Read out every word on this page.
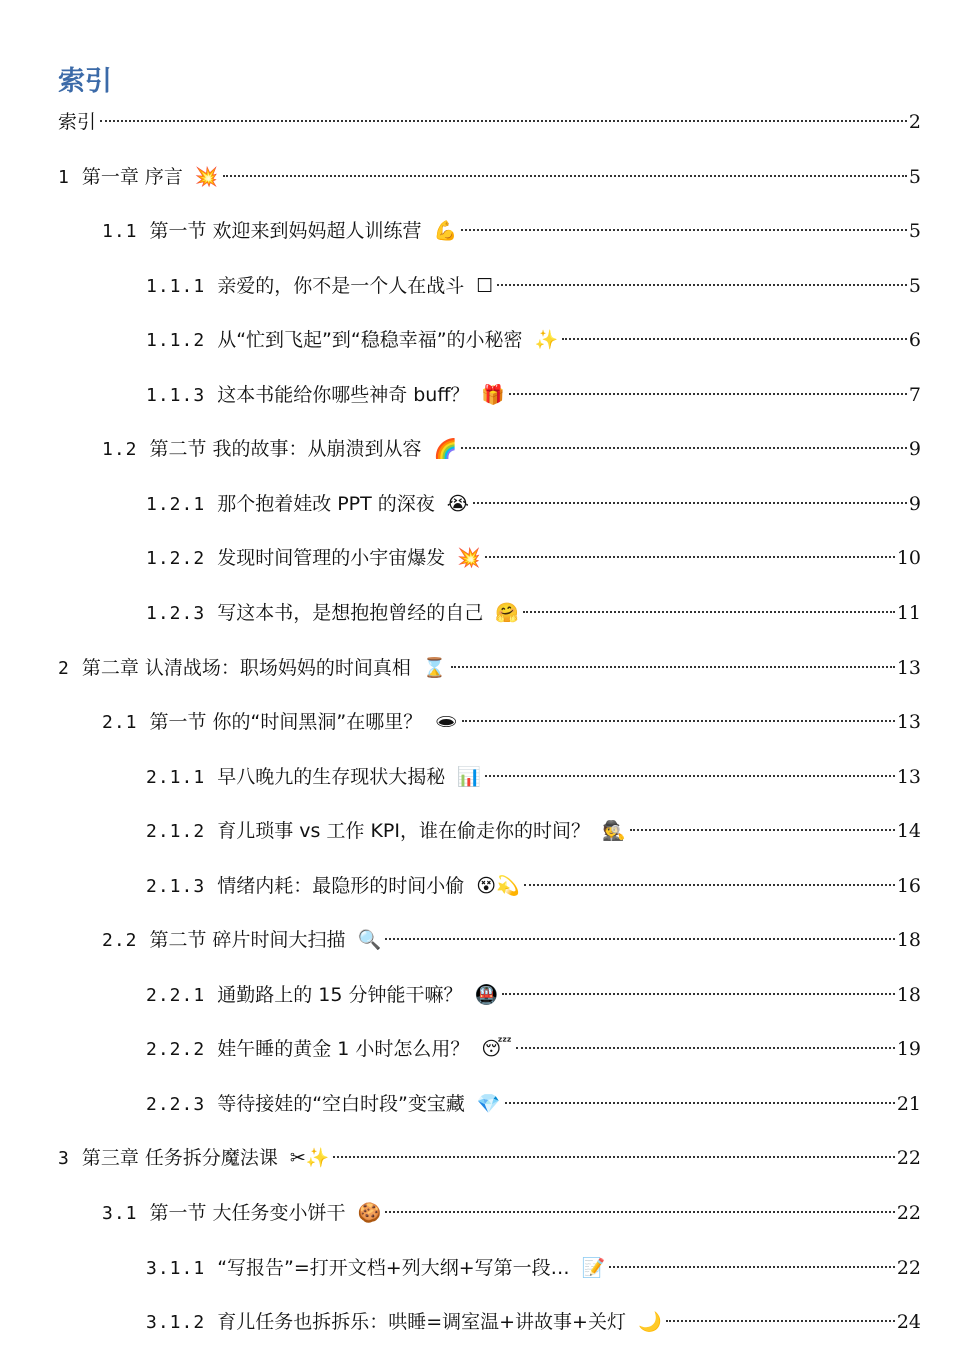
索引
索引	2
1 第一章 序言 💥	5
1.1 第一节 欢迎来到妈妈超人训练营 💪	5
1.1.1 亲爱的，你不是一个人在战斗 ☐	5
1.1.2 从“忙到飞起”到“稳稳幸福”的小秘密 ✨	6
1.1.3 这本书能给你哪些神奇 buff？ 🎁	7
1.2 第二节 我的故事：从崩溃到从容 🌈	9
1.2.1 那个抱着娃改 PPT 的深夜 😭	9
1.2.2 发现时间管理的小宇宙爆发 💥	10
1.2.3 写这本书，是想抱抱曾经的自己 🤗	11
2 第二章 认清战场：职场妈妈的时间真相 ⌛	13
2.1 第一节 你的“时间黑洞”在哪里？ 🕳	13
2.1.1 早八晚九的生存现状大揭秘 📊	13
2.1.2 育儿琐事 vs 工作 KPI，谁在偷走你的时间？ 🕵	14
2.1.3 情绪内耗：最隐形的时间小偷 😵💫	16
2.2 第二节 碎片时间大扫描 🔍	18
2.2.1 通勤路上的 15 分钟能干嘛？ 🚇	18
2.2.2 娃午睡的黄金 1 小时怎么用？ 😴	19
2.2.3 等待接娃的“空白时段”变宝藏 💎	21
3 第三章 任务拆分魔法课 ✂✨	22
3.1 第一节 大任务变小饼干 🍪	22
3.1.1 “写报告”=打开文档+列大纲+写第一段… 📝	22
3.1.2 育儿任务也拆拆乐：哄睡=调室温+讲故事+关灯 🌙	24
